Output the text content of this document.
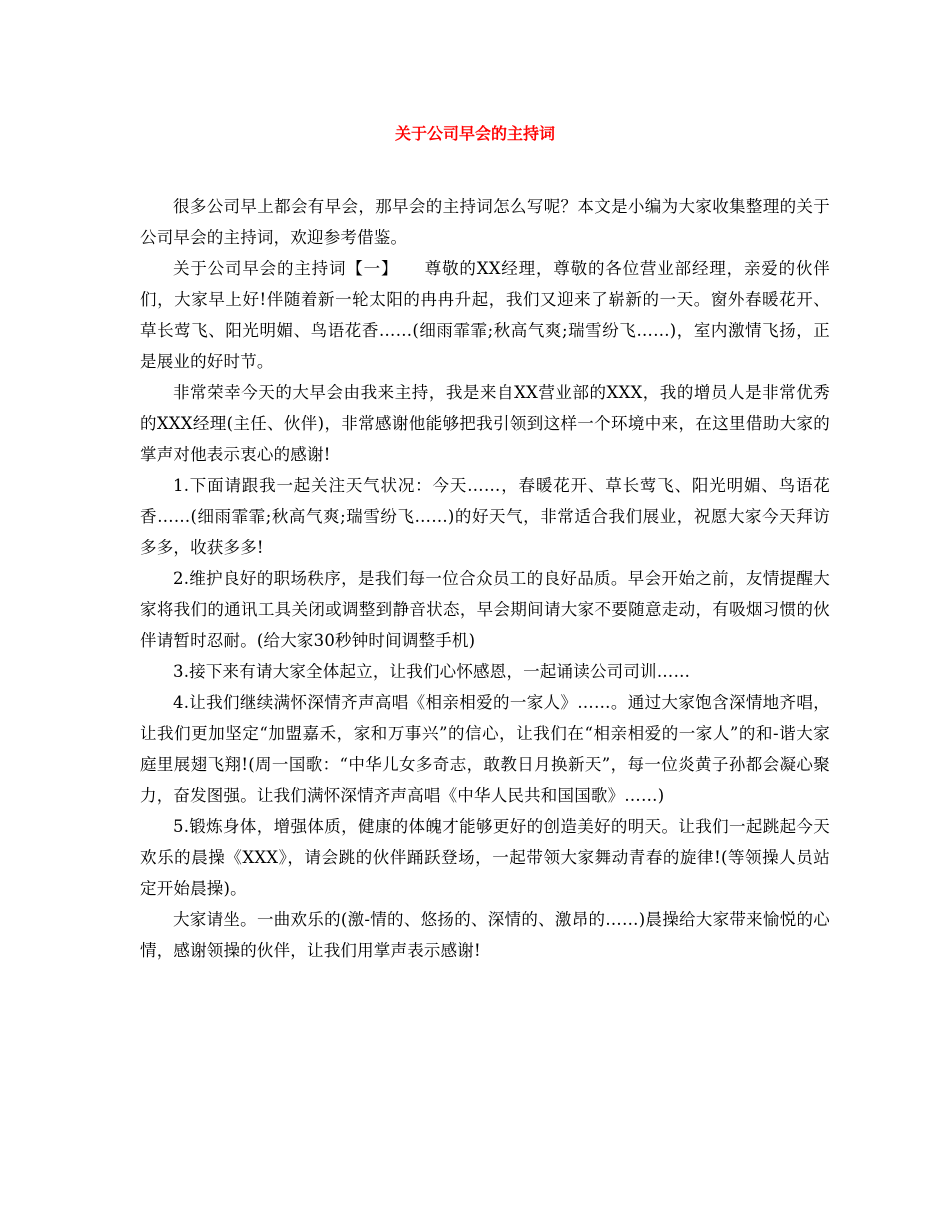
关于公司早会的主持词

很多公司早上都会有早会，那早会的主持词怎么写呢？本文是小编为大家收集整理的关于公司早会的主持词，欢迎参考借鉴。

关于公司早会的主持词【一】　　尊敬的XX经理，尊敬的各位营业部经理，亲爱的伙伴们，大家早上好!伴随着新一轮太阳的冉冉升起，我们又迎来了崭新的一天。窗外春暖花开、草长莺飞、阳光明媚、鸟语花香……(细雨霏霏;秋高气爽;瑞雪纷飞……)，室内激情飞扬，正是展业的好时节。

非常荣幸今天的大早会由我来主持，我是来自XX营业部的XXX，我的增员人是非常优秀的XXX经理(主任、伙伴)，非常感谢他能够把我引领到这样一个环境中来，在这里借助大家的掌声对他表示衷心的感谢!

1.下面请跟我一起关注天气状况：今天……，春暖花开、草长莺飞、阳光明媚、鸟语花香……(细雨霏霏;秋高气爽;瑞雪纷飞……)的好天气，非常适合我们展业，祝愿大家今天拜访多多，收获多多!

2.维护良好的职场秩序，是我们每一位合众员工的良好品质。早会开始之前，友情提醒大家将我们的通讯工具关闭或调整到静音状态，早会期间请大家不要随意走动，有吸烟习惯的伙伴请暂时忍耐。(给大家30秒钟时间调整手机)

3.接下来有请大家全体起立，让我们心怀感恩，一起诵读公司司训……

4.让我们继续满怀深情齐声高唱《相亲相爱的一家人》……。通过大家饱含深情地齐唱，让我们更加坚定“加盟嘉禾，家和万事兴”的信心，让我们在“相亲相爱的一家人”的和-谐大家庭里展翅飞翔!(周一国歌：“中华儿女多奇志，敢教日月换新天”，每一位炎黄子孙都会凝心聚力，奋发图强。让我们满怀深情齐声高唱《中华人民共和国国歌》……)

5.锻炼身体，增强体质，健康的体魄才能够更好的创造美好的明天。让我们一起跳起今天欢乐的晨操《XXX》，请会跳的伙伴踊跃登场，一起带领大家舞动青春的旋律!(等领操人员站定开始晨操)。

大家请坐。一曲欢乐的(激-情的、悠扬的、深情的、激昂的……)晨操给大家带来愉悦的心情，感谢领操的伙伴，让我们用掌声表示感谢!
